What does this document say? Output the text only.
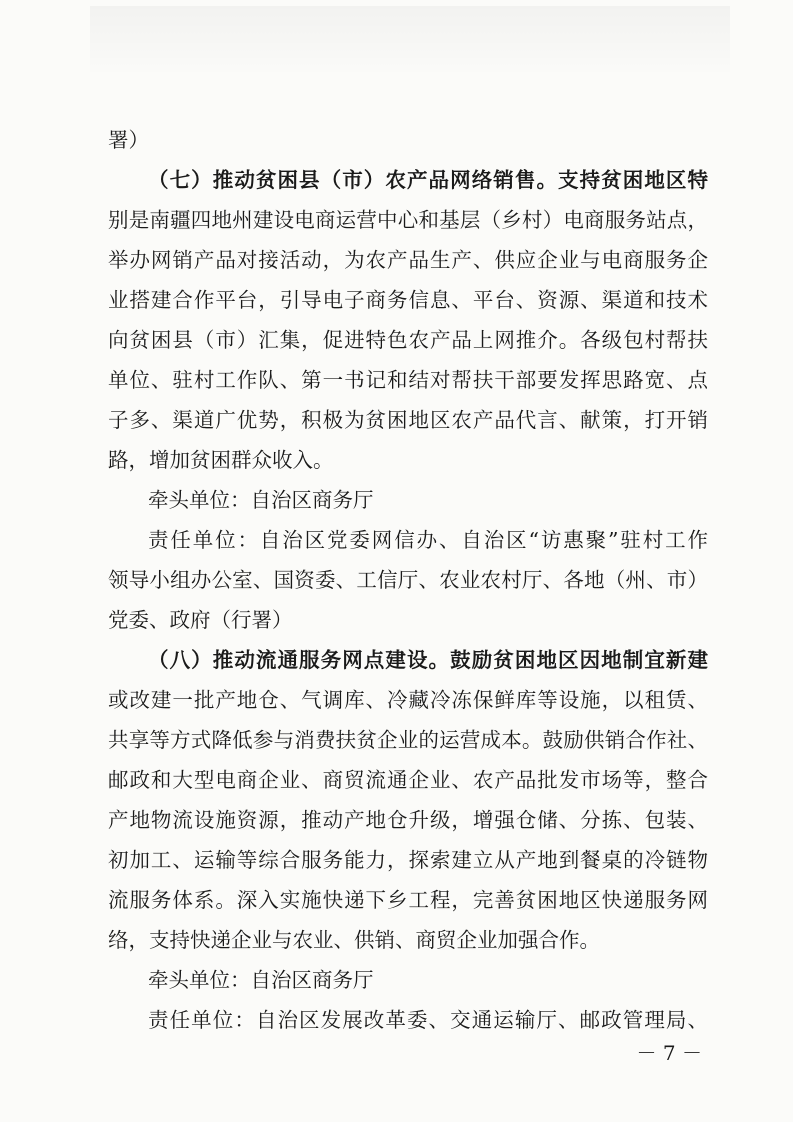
署）
（七）推动贫困县（市）农产品网络销售。支持贫困地区特
别是南疆四地州建设电商运营中心和基层（乡村）电商服务站点，
举办网销产品对接活动，为农产品生产、供应企业与电商服务企
业搭建合作平台，引导电子商务信息、平台、资源、渠道和技术
向贫困县（市）汇集，促进特色农产品上网推介。各级包村帮扶
单位、驻村工作队、第一书记和结对帮扶干部要发挥思路宽、点
子多、渠道广优势，积极为贫困地区农产品代言、献策，打开销
路，增加贫困群众收入。
牵头单位：自治区商务厅
责任单位：自治区党委网信办、自治区“访惠聚”驻村工作
领导小组办公室、国资委、工信厅、农业农村厅、各地（州、市）
党委、政府（行署）
（八）推动流通服务网点建设。鼓励贫困地区因地制宜新建
或改建一批产地仓、气调库、冷藏冷冻保鲜库等设施，以租赁、
共享等方式降低参与消费扶贫企业的运营成本。鼓励供销合作社、
邮政和大型电商企业、商贸流通企业、农产品批发市场等，整合
产地物流设施资源，推动产地仓升级，增强仓储、分拣、包装、
初加工、运输等综合服务能力，探索建立从产地到餐桌的冷链物
流服务体系。深入实施快递下乡工程，完善贫困地区快递服务网
络，支持快递企业与农业、供销、商贸企业加强合作。
牵头单位：自治区商务厅
责任单位：自治区发展改革委、交通运输厅、邮政管理局、
－ 7 －
